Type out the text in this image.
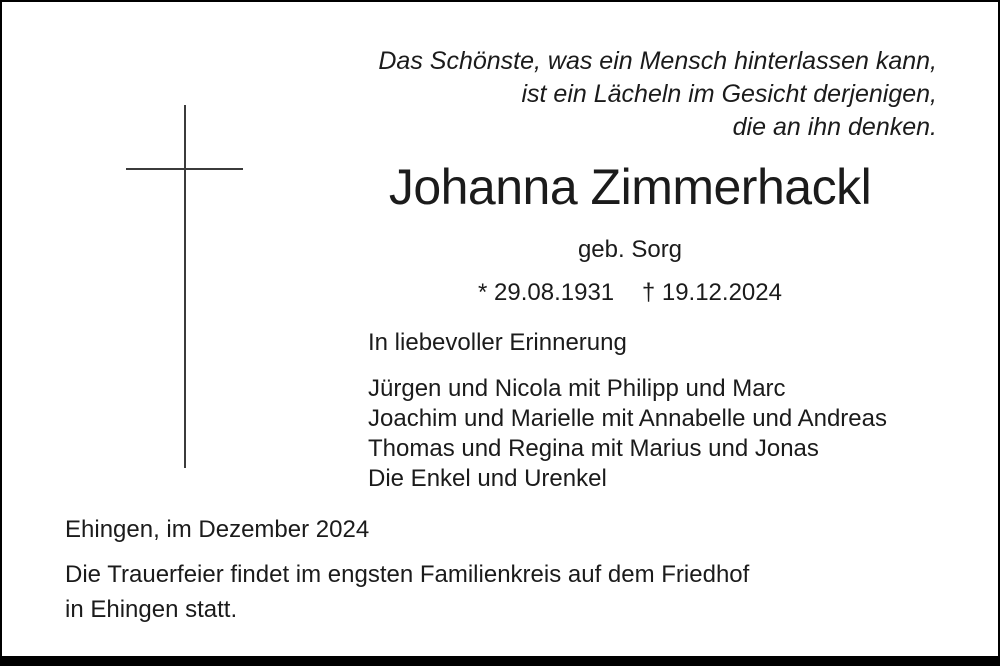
Das Schönste, was ein Mensch hinterlassen kann,
ist ein Lächeln im Gesicht derjenigen,
die an ihn denken.
Johanna Zimmerhackl
geb. Sorg
* 29.08.1931 † 19.12.2024
In liebevoller Erinnerung
Jürgen und Nicola mit Philipp und Marc
Joachim und Marielle mit Annabelle und Andreas
Thomas und Regina mit Marius und Jonas
Die Enkel und Urenkel
Ehingen, im Dezember 2024
Die Trauerfeier findet im engsten Familienkreis auf dem Friedhof
in Ehingen statt.
